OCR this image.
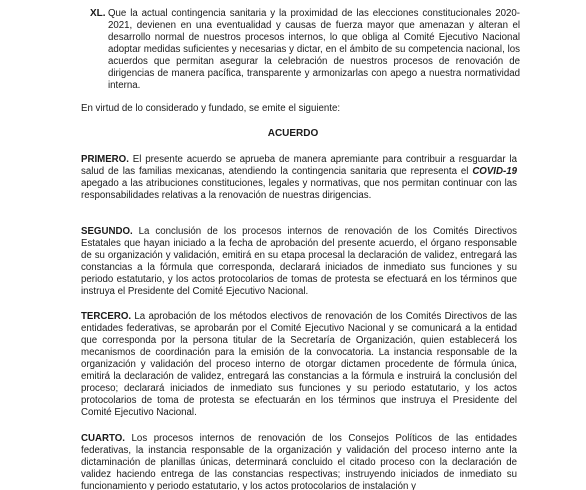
XL. Que la actual contingencia sanitaria y la proximidad de las elecciones constitucionales 2020-2021, devienen en una eventualidad y causas de fuerza mayor que amenazan y alteran el desarrollo normal de nuestros procesos internos, lo que obliga al Comité Ejecutivo Nacional adoptar medidas suficientes y necesarias y dictar, en el ámbito de su competencia nacional, los acuerdos que permitan asegurar la celebración de nuestros procesos de renovación de dirigencias de manera pacífica, transparente y armonizarlas con apego a nuestra normatividad interna.
En virtud de lo considerado y fundado, se emite el siguiente:
ACUERDO
PRIMERO. El presente acuerdo se aprueba de manera apremiante para contribuir a resguardar la salud de las familias mexicanas, atendiendo la contingencia sanitaria que representa el COVID-19 apegado a las atribuciones constituciones, legales y normativas, que nos permitan continuar con las responsabilidades relativas a la renovación de nuestras dirigencias.
SEGUNDO. La conclusión de los procesos internos de renovación de los Comités Directivos Estatales que hayan iniciado a la fecha de aprobación del presente acuerdo, el órgano responsable de su organización y validación, emitirá en su etapa procesal la declaración de validez, entregará las constancias a la fórmula que corresponda, declarará iniciados de inmediato sus funciones y su periodo estatutario, y los actos protocolarios de tomas de protesta se efectuará en los términos que instruya el Presidente del Comité Ejecutivo Nacional.
TERCERO. La aprobación de los métodos electivos de renovación de los Comités Directivos de las entidades federativas, se aprobarán por el Comité Ejecutivo Nacional y se comunicará a la entidad que corresponda por la persona titular de la Secretaría de Organización, quien establecerá los mecanismos de coordinación para la emisión de la convocatoria. La instancia responsable de la organización y validación del proceso interno de otorgar dictamen procedente de fórmula única, emitirá la declaración de validez, entregará las constancias a la fórmula e instruirá la conclusión del proceso; declarará iniciados de inmediato sus funciones y su periodo estatutario, y los actos protocolarios de toma de protesta se efectuarán en los términos que instruya el Presidente del Comité Ejecutivo Nacional.
CUARTO. Los procesos internos de renovación de los Consejos Políticos de las entidades federativas, la instancia responsable de la organización y validación del proceso interno ante la dictaminación de planillas únicas, determinará concluido el citado proceso con la declaración de validez haciendo entrega de las constancias respectivas; instruyendo iniciados de inmediato su funcionamiento y periodo estatutario, y los actos protocolarios de instalación y
